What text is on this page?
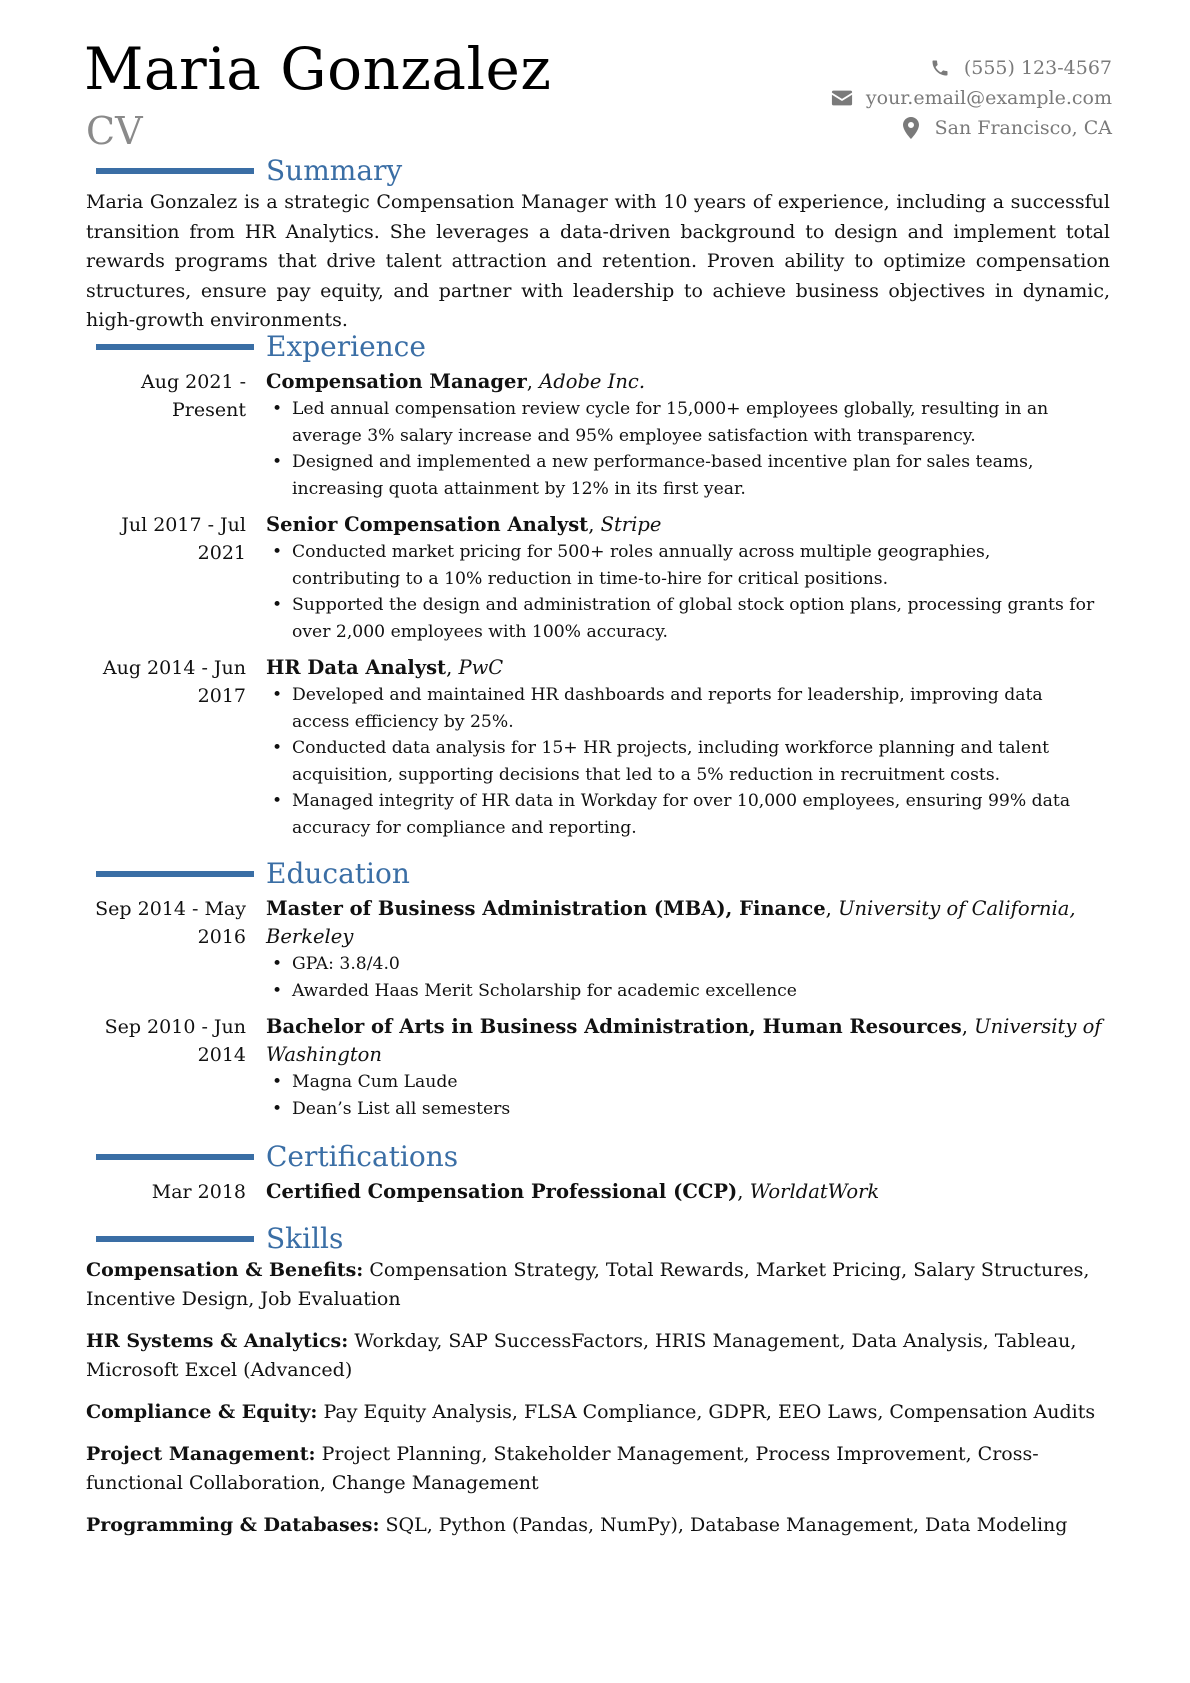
Maria Gonzalez
CV
(555) 123-4567
your.email@example.com
San Francisco, CA
Summary

Maria Gonzalez is a strategic Compensation Manager with 10 years of experience, including a successful transition from HR Analytics. She leverages a data-driven background to design and implement total rewards programs that drive talent attraction and retention. Proven ability to optimize compensation structures, ensure pay equity, and partner with leadership to achieve business objectives in dynamic, high-growth environments.

Experience
Aug 2021 -
Present
Compensation Manager, Adobe Inc.
• Led annual compensation review cycle for 15,000+ employees globally, resulting in an average 3% salary increase and 95% employee satisfaction with transparency.
• Designed and implemented a new performance-based incentive plan for sales teams, increasing quota attainment by 12% in its first year.
Jul 2017 - Jul
2021
Senior Compensation Analyst, Stripe
• Conducted market pricing for 500+ roles annually across multiple geographies, contributing to a 10% reduction in time-to-hire for critical positions.
• Supported the design and administration of global stock option plans, processing grants for over 2,000 employees with 100% accuracy.
Aug 2014 - Jun
2017
HR Data Analyst, PwC
• Developed and maintained HR dashboards and reports for leadership, improving data access efficiency by 25%.
• Conducted data analysis for 15+ HR projects, including workforce planning and talent acquisition, supporting decisions that led to a 5% reduction in recruitment costs.
• Managed integrity of HR data in Workday for over 10,000 employees, ensuring 99% data accuracy for compliance and reporting.
Education
Sep 2014 - May
2016
Master of Business Administration (MBA), Finance, University of California, Berkeley
• GPA: 3.8/4.0
• Awarded Haas Merit Scholarship for academic excellence
Sep 2010 - Jun
2014
Bachelor of Arts in Business Administration, Human Resources, University of Washington
• Magna Cum Laude
• Dean’s List all semesters
Certifications
Mar 2018 Certified Compensation Professional (CCP), WorldatWork
Skills

Compensation & Benefits: Compensation Strategy, Total Rewards, Market Pricing, Salary Structures, Incentive Design, Job Evaluation

HR Systems & Analytics: Workday, SAP SuccessFactors, HRIS Management, Data Analysis, Tableau, Microsoft Excel (Advanced)

Compliance & Equity: Pay Equity Analysis, FLSA Compliance, GDPR, EEO Laws, Compensation Audits

Project Management: Project Planning, Stakeholder Management, Process Improvement, Cross-functional Collaboration, Change Management

Programming & Databases: SQL, Python (Pandas, NumPy), Database Management, Data Modeling
